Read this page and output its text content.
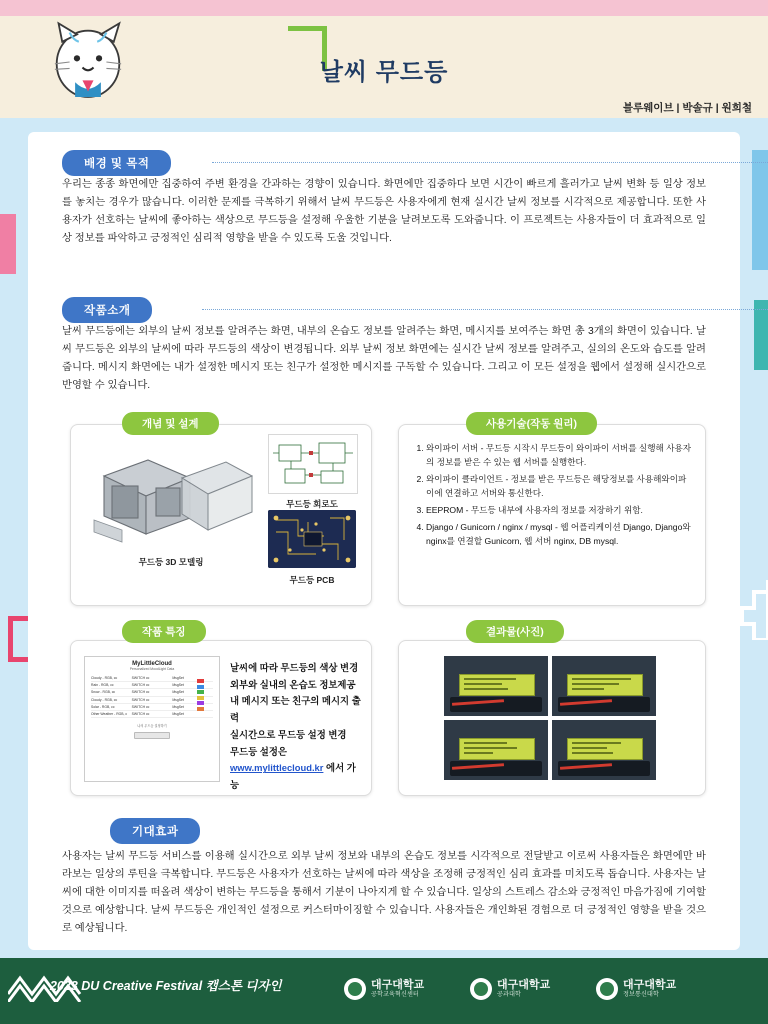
날씨 무드등
블루웨이브 | 박솔규 | 원희철
배경 및 목적
우리는 종종 화면에만 집중하여 주변 환경을 간과하는 경향이 있습니다. 화면에만 집중하다 보면 시간이 빠르게 흘러가고 날씨 변화 등 일상 정보를 놓치는 경우가 많습니다. 이러한 문제를 극복하기 위해서 날씨 무드등은 사용자에게 현재 실시간 날씨 정보를 시각적으로 제공합니다. 또한 사용자가 선호하는 날씨에 좋아하는 색상으로 무드등을 설정해 우울한 기분을 날려보도록 도와줍니다. 이 프로젝트는 사용자들이 더 효과적으로 일상 정보를 파악하고 긍정적인 심리적 영향을 받을 수 있도록 도울 것입니다.
작품소개
날씨 무드등에는 외부의 날씨 정보를 알려주는 화면, 내부의 온습도 정보를 알려주는 화면, 메시지를 보여주는 화면 총 3개의 화면이 있습니다. 날씨 무드등은 외부의 날씨에 따라 무드등의 색상이 변경됩니다. 외부 날씨 정보 화면에는 실시간 날씨 정보를 알려주고, 실의의 온도와 습도를 알려줍니다. 메시지 화면에는 내가 설정한 메시지 또는 친구가 설정한 메시지를 구독할 수 있습니다. 그리고 이 모든 설정을 웹에서 설정해 실시간으로 반영할 수 있습니다.
개념 및 설계
무드등 3D 모델링
무드등 회로도
무드등 PCB
사용기술(작동 원리)
1. 와이파이 서버 - 무드등 시작시 무드등이 와이파이 서버를 실행해 사용자의 정보를 받은 수 있는 웹 서버를 실행한다.
2. 와이파이 클라이언트 - 정보를 받은 무드등은 해당정보를 사용해와이파이에 연결하고 서버와 통신한다.
3. EEPROM - 무드등 내부에 사용자의 정보를 저장하기 위함.
4. Django / Gunicorn / nginx / mysql - 웹 어플리케이션 Django, Django와 nginx를 연결할 Gunicorn, 웹 서버 nginx, DB mysql.
작품 특징
MyLittleCloud
Personalized MoodLight Data
Cloudy - RGB, cc	SWITCH cc	MsgSet
Rain - RGB, cc	SWITCH cc	MsgSet
Snow - RGB, cc	SWITCH cc	MsgSet
Cloudy - RGB, cc	SWITCH cc	MsgSet
Solar - RGB, cc	SWITCH cc	MsgSet
Other Weather - RGB, c	SWITCH cc	MsgSet
나의 무드등 설정하기
날씨에 따라 무드등의 색상 변경
외부와 실내의 온습도 정보제공
내 메시지 또는 친구의 메시지 출력
실시간으로 무드등 설정 변경
무드등 설정은
www.mylittlecloud.kr 에서 가능
결과물(사진)
기대효과
사용자는 날씨 무드등 서비스를 이용해 실시간으로 외부 날씨 정보와 내부의 온습도 정보를 시각적으로 전달받고 이로써 사용자들은 화면에만 바라보는 일상의 루틴을 극복합니다. 무드등은 사용자가 선호하는 날씨에 따라 색상을 조정해 긍정적인 심리 효과를 미치도록 돕습니다. 사용자는 날씨에 대한 이미지를 떠올려 색상이 변하는 무드등을 통해서 기분이 나아지게 할 수 있습니다. 일상의 스트레스 감소와 긍정적인 마음가짐에 기여할 것으로 예상합니다. 날씨 무드등은 개인적인 설정으로 커스터마이징할 수 있습니다. 사용자들은 개인화된 경험으로 더 긍정적인 영향을 받을 것으로 예상됩니다.
2023 DU Creative Festival 캡스톤 디자인	대구대학교
공학교육혁신센터
대구대학교
공과대학
대구대학교
정보통신대학
